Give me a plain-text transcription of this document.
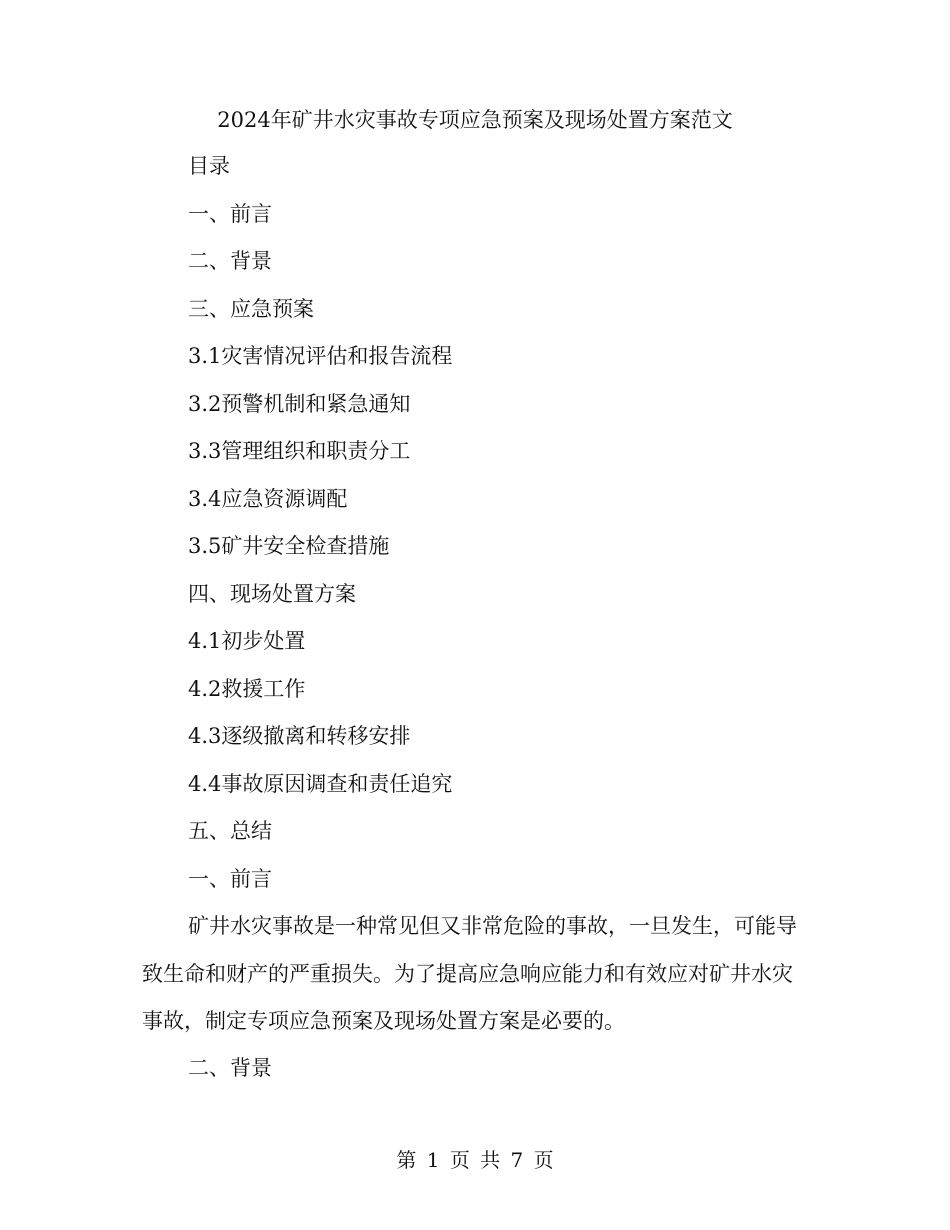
2024年矿井水灾事故专项应急预案及现场处置方案范文
目录
一、前言
二、背景
三、应急预案
3.1灾害情况评估和报告流程
3.2预警机制和紧急通知
3.3管理组织和职责分工
3.4应急资源调配
3.5矿井安全检查措施
四、现场处置方案
4.1初步处置
4.2救援工作
4.3逐级撤离和转移安排
4.4事故原因调查和责任追究
五、总结
一、前言
矿井水灾事故是一种常见但又非常危险的事故，一旦发生，可能导致生命和财产的严重损失。为了提高应急响应能力和有效应对矿井水灾事故，制定专项应急预案及现场处置方案是必要的。
二、背景
第 1 页 共 7 页
